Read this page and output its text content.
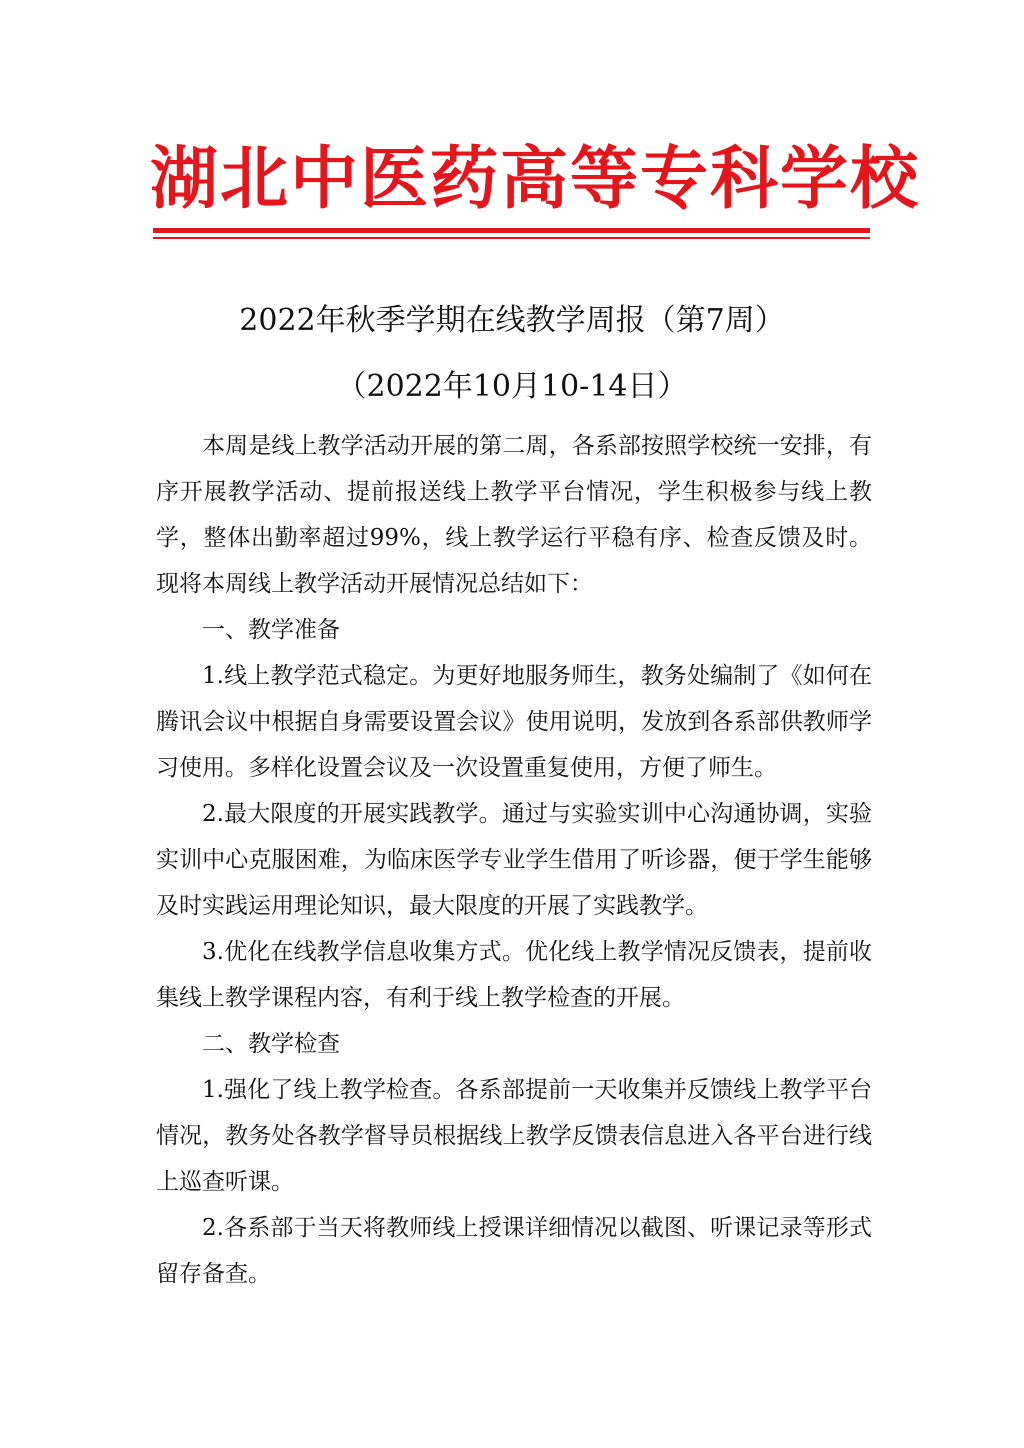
湖北中医药高等专科学校
2022年秋季学期在线教学周报（第7周）
（2022年10月10-14日）

本周是线上教学活动开展的第二周，各系部按照学校统一安排，有序开展教学活动、提前报送线上教学平台情况，学生积极参与线上教学，整体出勤率超过99%，线上教学运行平稳有序、检查反馈及时。现将本周线上教学活动开展情况总结如下：

一、教学准备

1.线上教学范式稳定。为更好地服务师生，教务处编制了《如何在腾讯会议中根据自身需要设置会议》使用说明，发放到各系部供教师学习使用。多样化设置会议及一次设置重复使用，方便了师生。

2.最大限度的开展实践教学。通过与实验实训中心沟通协调，实验实训中心克服困难，为临床医学专业学生借用了听诊器，便于学生能够及时实践运用理论知识，最大限度的开展了实践教学。

3.优化在线教学信息收集方式。优化线上教学情况反馈表，提前收集线上教学课程内容，有利于线上教学检查的开展。

二、教学检查

1.强化了线上教学检查。各系部提前一天收集并反馈线上教学平台情况，教务处各教学督导员根据线上教学反馈表信息进入各平台进行线上巡查听课。

2.各系部于当天将教师线上授课详细情况以截图、听课记录等形式留存备查。
